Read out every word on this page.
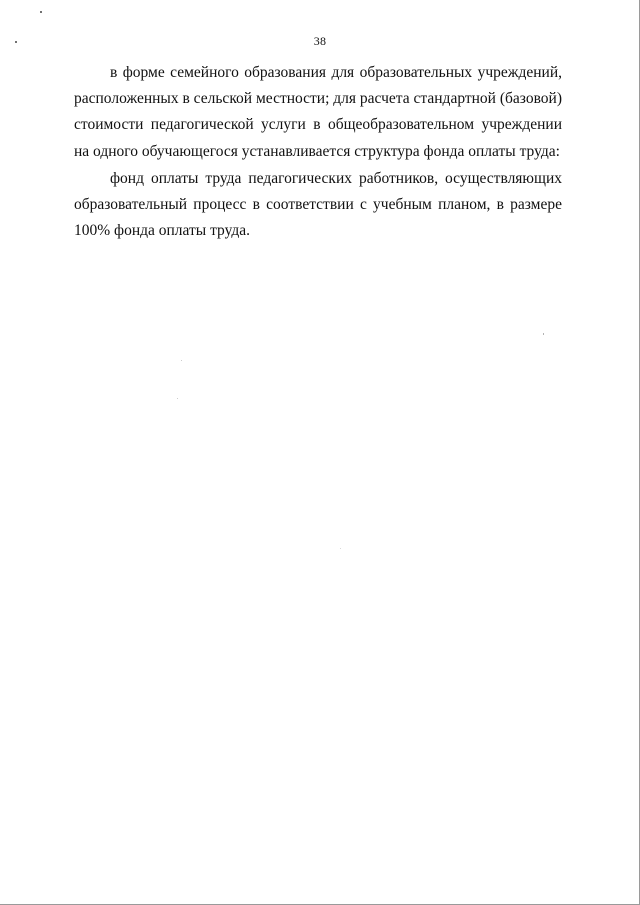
38

в форме семейного образования для образовательных учреждений, расположенных в сельской местности; для расчета стандартной (базовой) стоимости педагогической услуги в общеобразовательном учреждении на одного обучающегося устанавливается структура фонда оплаты труда:

фонд оплаты труда педагогических работников, осуществляющих образовательный процесс в соответствии с учебным планом, в размере 100% фонда оплаты труда.
